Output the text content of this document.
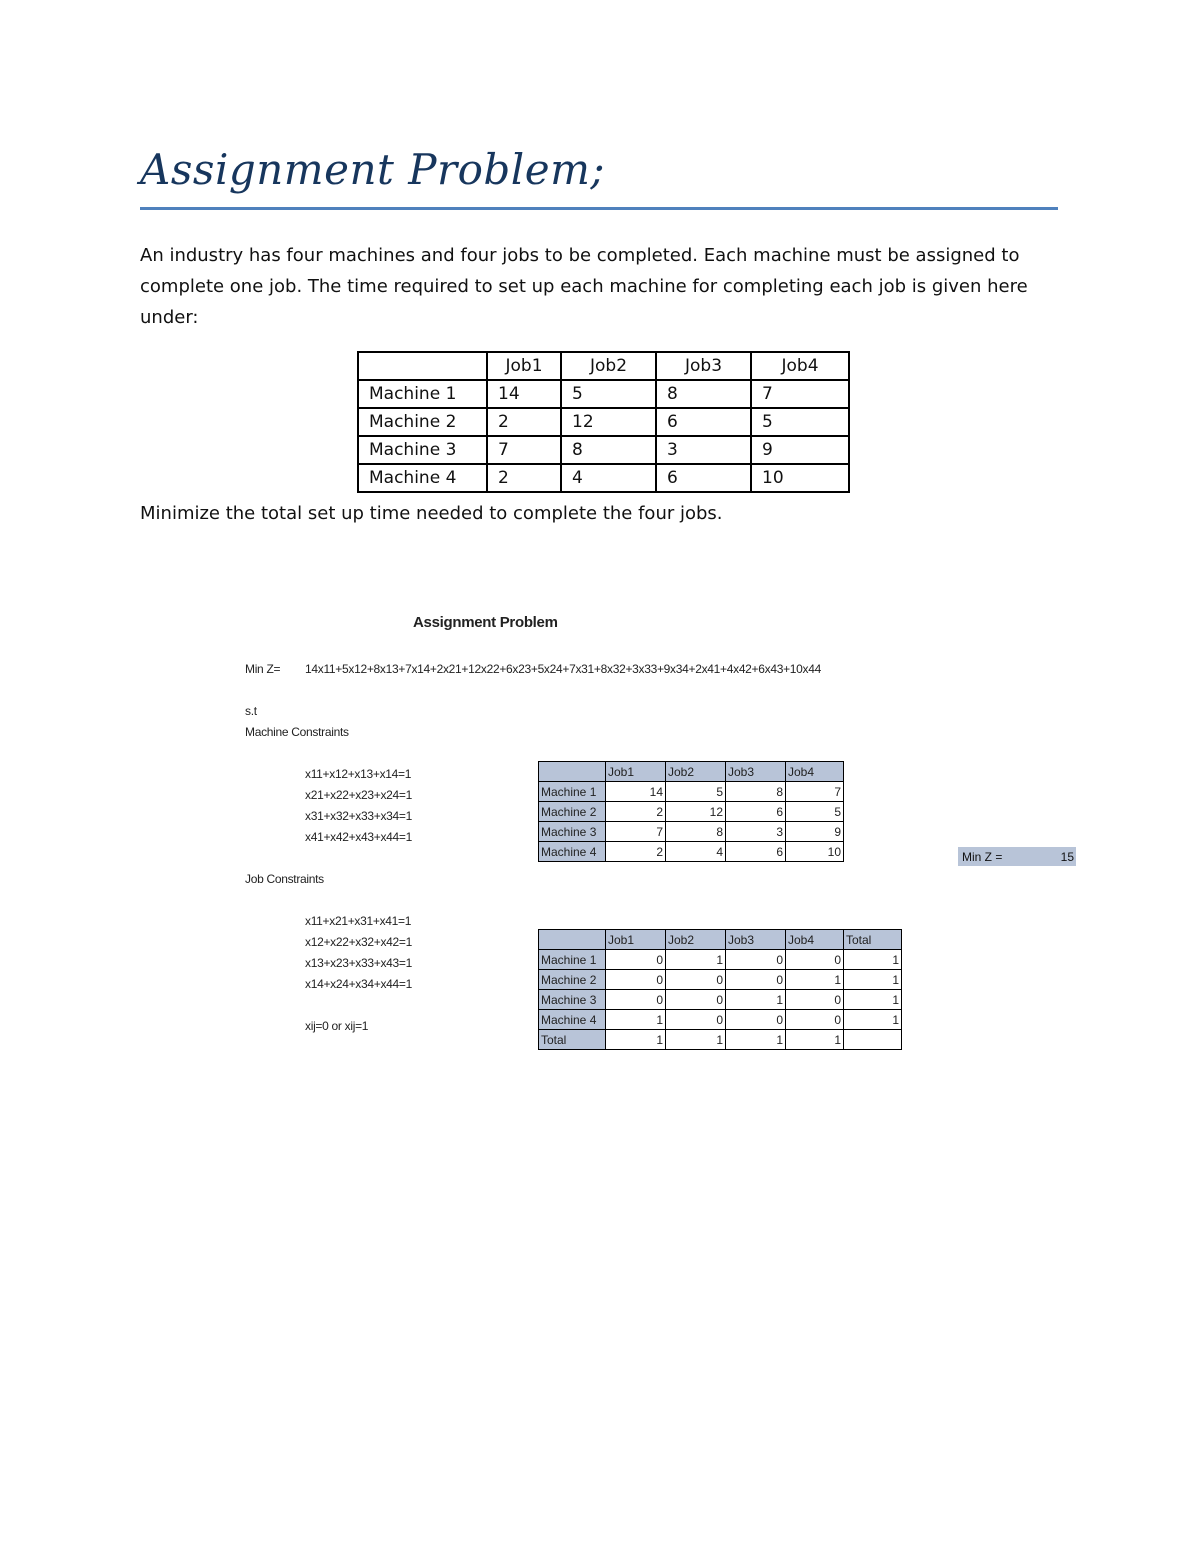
Assignment Problem;

An industry has four machines and four jobs to be completed. Each machine must be assigned to complete one job. The time required to set up each machine for completing each job is given here under:

	Job1	Job2	Job3	Job4
Machine 1	14	5	8	7
Machine 2	2	12	6	5
Machine 3	7	8	3	9
Machine 4	2	4	6	10

Minimize the total set up time needed to complete the four jobs.

Assignment Problem
Min Z= 14x11+5x12+8x13+7x14+2x21+12x22+6x23+5x24+7x31+8x32+3x33+9x34+2x41+4x42+6x43+10x44
s.t
Machine Constraints
x11+x12+x13+x14=1
x21+x22+x23+x24=1
x31+x32+x33+x34=1
x41+x42+x43+x44=1
Job Constraints
x11+x21+x31+x41=1
x12+x22+x32+x42=1
x13+x23+x33+x43=1
x14+x24+x34+x44=1
xij=0 or xij=1
	Job1	Job2	Job3	Job4
Machine 1	14	5	8	7
Machine 2	2	12	6	5
Machine 3	7	8	3	9
Machine 4	2	4	6	10	Min Z =	15
	Job1	Job2	Job3	Job4	Total
Machine 1	0	1	0	0	1
Machine 2	0	0	0	1	1
Machine 3	0	0	1	0	1
Machine 4	1	0	0	0	1
Total	1	1	1	1	
